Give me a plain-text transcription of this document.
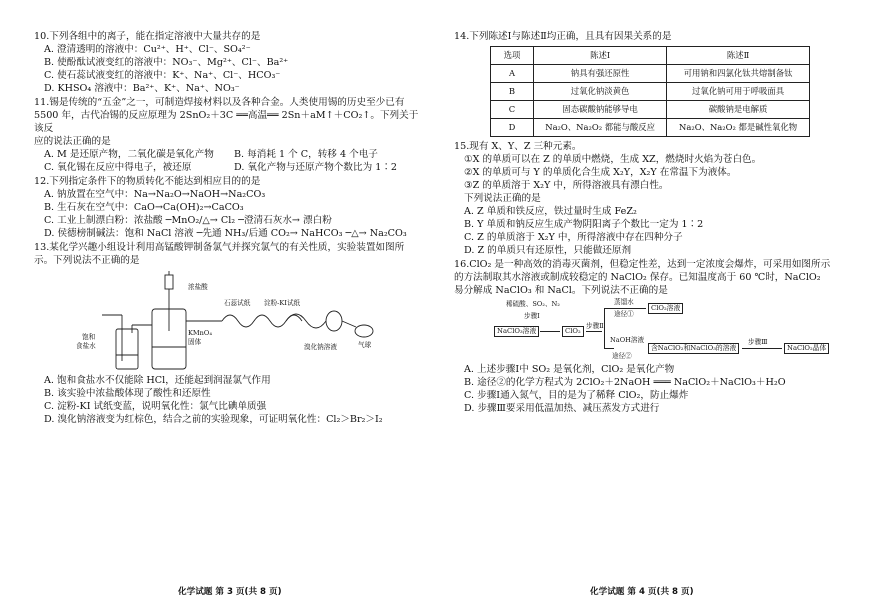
10.下列各组中的离子，能在指定溶液中大量共存的是
A. 澄清透明的溶液中：Cu²⁺、H⁺、Cl⁻、SO₄²⁻
B. 使酚酞试液变红的溶液中：NO₃⁻、Mg²⁺、Cl⁻、Ba²⁺
C. 使石蕊试液变红的溶液中：K⁺、Na⁺、Cl⁻、HCO₃⁻
D. KHSO₄ 溶液中：Ba²⁺、K⁺、Na⁺、NO₃⁻
11.锡是传统的“五金”之一，可制造焊接材料以及各种合金。人类使用锡的历史至少已有
5500 年，古代冶锡的反应原理为 2SnO₂＋3C ══高温══ 2Sn＋aM↑＋CO₂↑。下列关于该反
应的说法正确的是
A. M 是还原产物，二氧化碳是氧化产物	B. 每消耗 1 个 C，转移 4 个电子
C. 氧化锡在反应中得电子，被还原	D. 氧化产物与还原产物个数比为 1∶2
12.下列指定条件下的物质转化不能达到相应目的的是
A. 钠放置在空气中：Na→Na₂O→NaOH→Na₂CO₃
B. 生石灰在空气中：CaO→Ca(OH)₂→CaCO₃
C. 工业上制漂白粉：浓盐酸 ─MnO₂/△→ Cl₂ ─澄清石灰水→ 漂白粉
D. 侯德榜制碱法：饱和 NaCl 溶液 ─先通 NH₃/后通 CO₂→ NaHCO₃ ─△→ Na₂CO₃
13.某化学兴趣小组设计利用高锰酸钾制备氯气并探究氯气的有关性质，实验装置如图所
示。下列说法不正确的是
浓盐酸
KMnO₄
固体
饱和
食盐水
石蕊试纸 淀粉-KI试纸
溴化钠溶液	气球
A. 饱和食盐水不仅能除 HCl，还能起到润湿氯气作用
B. 该实验中浓盐酸体现了酸性和还原性
C. 淀粉-KI 试纸变蓝，说明氧化性：氯气比碘单质强
D. 溴化钠溶液变为红棕色，结合之前的实验现象，可证明氧化性：Cl₂＞Br₂＞I₂
14.下列陈述Ⅰ与陈述Ⅱ均正确，且具有因果关系的是
选项	陈述Ⅰ	陈述Ⅱ
A	钠具有强还原性	可用钠和四氯化钛共熔制备钛
B	过氧化钠淡黄色	过氧化钠可用于呼吸面具
C	固态碳酸钠能够导电	碳酸钠是电解质
D	Na₂O、Na₂O₂ 都能与酸反应	Na₂O、Na₂O₂ 都是碱性氧化物
15.现有 X、Y、Z 三种元素。
①X 的单质可以在 Z 的单质中燃烧，生成 XZ，燃烧时火焰为苍白色。
②X 的单质可与 Y 的单质化合生成 X₂Y，X₂Y 在常温下为液体。
③Z 的单质溶于 X₂Y 中，所得溶液具有漂白性。
下列说法正确的是
A. Z 单质和铁反应，铁过量时生成 FeZ₂
B. Y 单质和钠反应生成产物阴阳离子个数比一定为 1∶2
C. Z 的单质溶于 X₂Y 中，所得溶液中存在四种分子
D. Z 的单质只有还原性，只能做还原剂
16.ClO₂ 是一种高效的消毒灭菌剂，但稳定性差，达到一定浓度会爆炸，可采用如图所示
的方法制取其水溶液或制成较稳定的 NaClO₂ 保存。已知温度高于 60 ℃时，NaClO₂
易分解成 NaClO₃ 和 NaCl。下列说法不正确的是
稀硫酸、SO₂、N₂
步骤Ⅰ
NaClO₃溶液	ClO₂
步骤Ⅱ
蒸馏水
途径①
ClO₂溶液
NaOH溶液
途径②
含NaClO₂和NaClO₃的溶液
步骤Ⅲ
NaClO₂晶体
A. 上述步骤Ⅰ中 SO₂ 是氧化剂，ClO₂ 是氧化产物
B. 途径②的化学方程式为 2ClO₂＋2NaOH ═══ NaClO₂＋NaClO₃＋H₂O
C. 步骤Ⅰ通入氮气，目的是为了稀释 ClO₂，防止爆炸
D. 步骤Ⅲ要采用低温加热、减压蒸发方式进行
化学试题 第 3 页(共 8 页)	化学试题 第 4 页(共 8 页)
